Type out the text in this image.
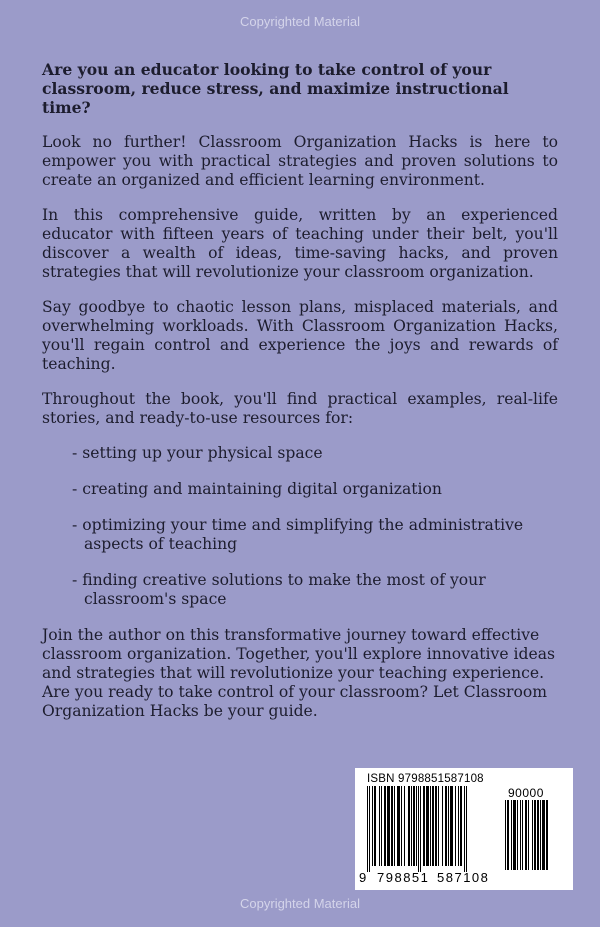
Copyrighted Material

Are you an educator looking to take control of your classroom, reduce stress, and maximize instructional time?

Look no further! Classroom Organization Hacks is here to empower you with practical strategies and proven solutions to create an organized and efficient learning environment.

In this comprehensive guide, written by an experienced educator with fifteen years of teaching under their belt, you'll discover a wealth of ideas, time-saving hacks, and proven strategies that will revolutionize your classroom organization.

Say goodbye to chaotic lesson plans, misplaced materials, and overwhelming workloads. With Classroom Organization Hacks, you'll regain control and experience the joys and rewards of teaching.

Throughout the book, you'll find practical examples, real-life stories, and ready-to-use resources for:

- setting up your physical space
- creating and maintaining digital organization
- optimizing your time and simplifying the administrative aspects of teaching
- finding creative solutions to make the most of your classroom's space

Join the author on this transformative journey toward effective classroom organization. Together, you'll explore innovative ideas and strategies that will revolutionize your teaching experience. Are you ready to take control of your classroom? Let Classroom Organization Hacks be your guide.

ISBN 9798851587108
90000
9 798851 587108
Copyrighted Material
